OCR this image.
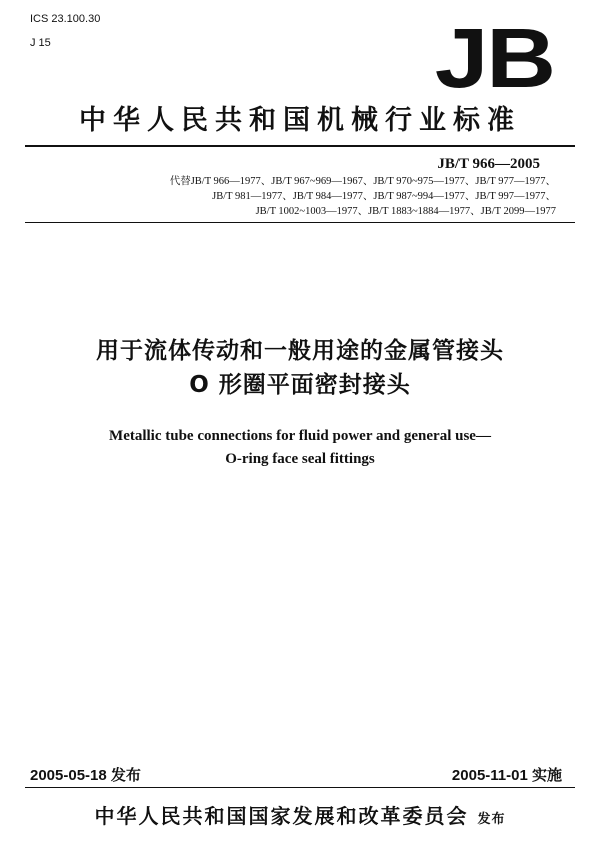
ICS 23.100.30
J 15	JB
中华人民共和国机械行业标准
JB/T 966—2005
代替JB/T 966—1977、JB/T 967~969—1967、JB/T 970~975—1977、JB/T 977—1977、
JB/T 981—1977、JB/T 984—1977、JB/T 987~994—1977、JB/T 997—1977、
JB/T 1002~1003—1977、JB/T 1883~1884—1977、JB/T 2099—1977
用于流体传动和一般用途的金属管接头
O 形圈平面密封接头
Metallic tube connections for fluid power and general use—
O-ring face seal fittings
2005-05-18 发布	2005-11-01 实施
中华人民共和国国家发展和改革委员会 发布
